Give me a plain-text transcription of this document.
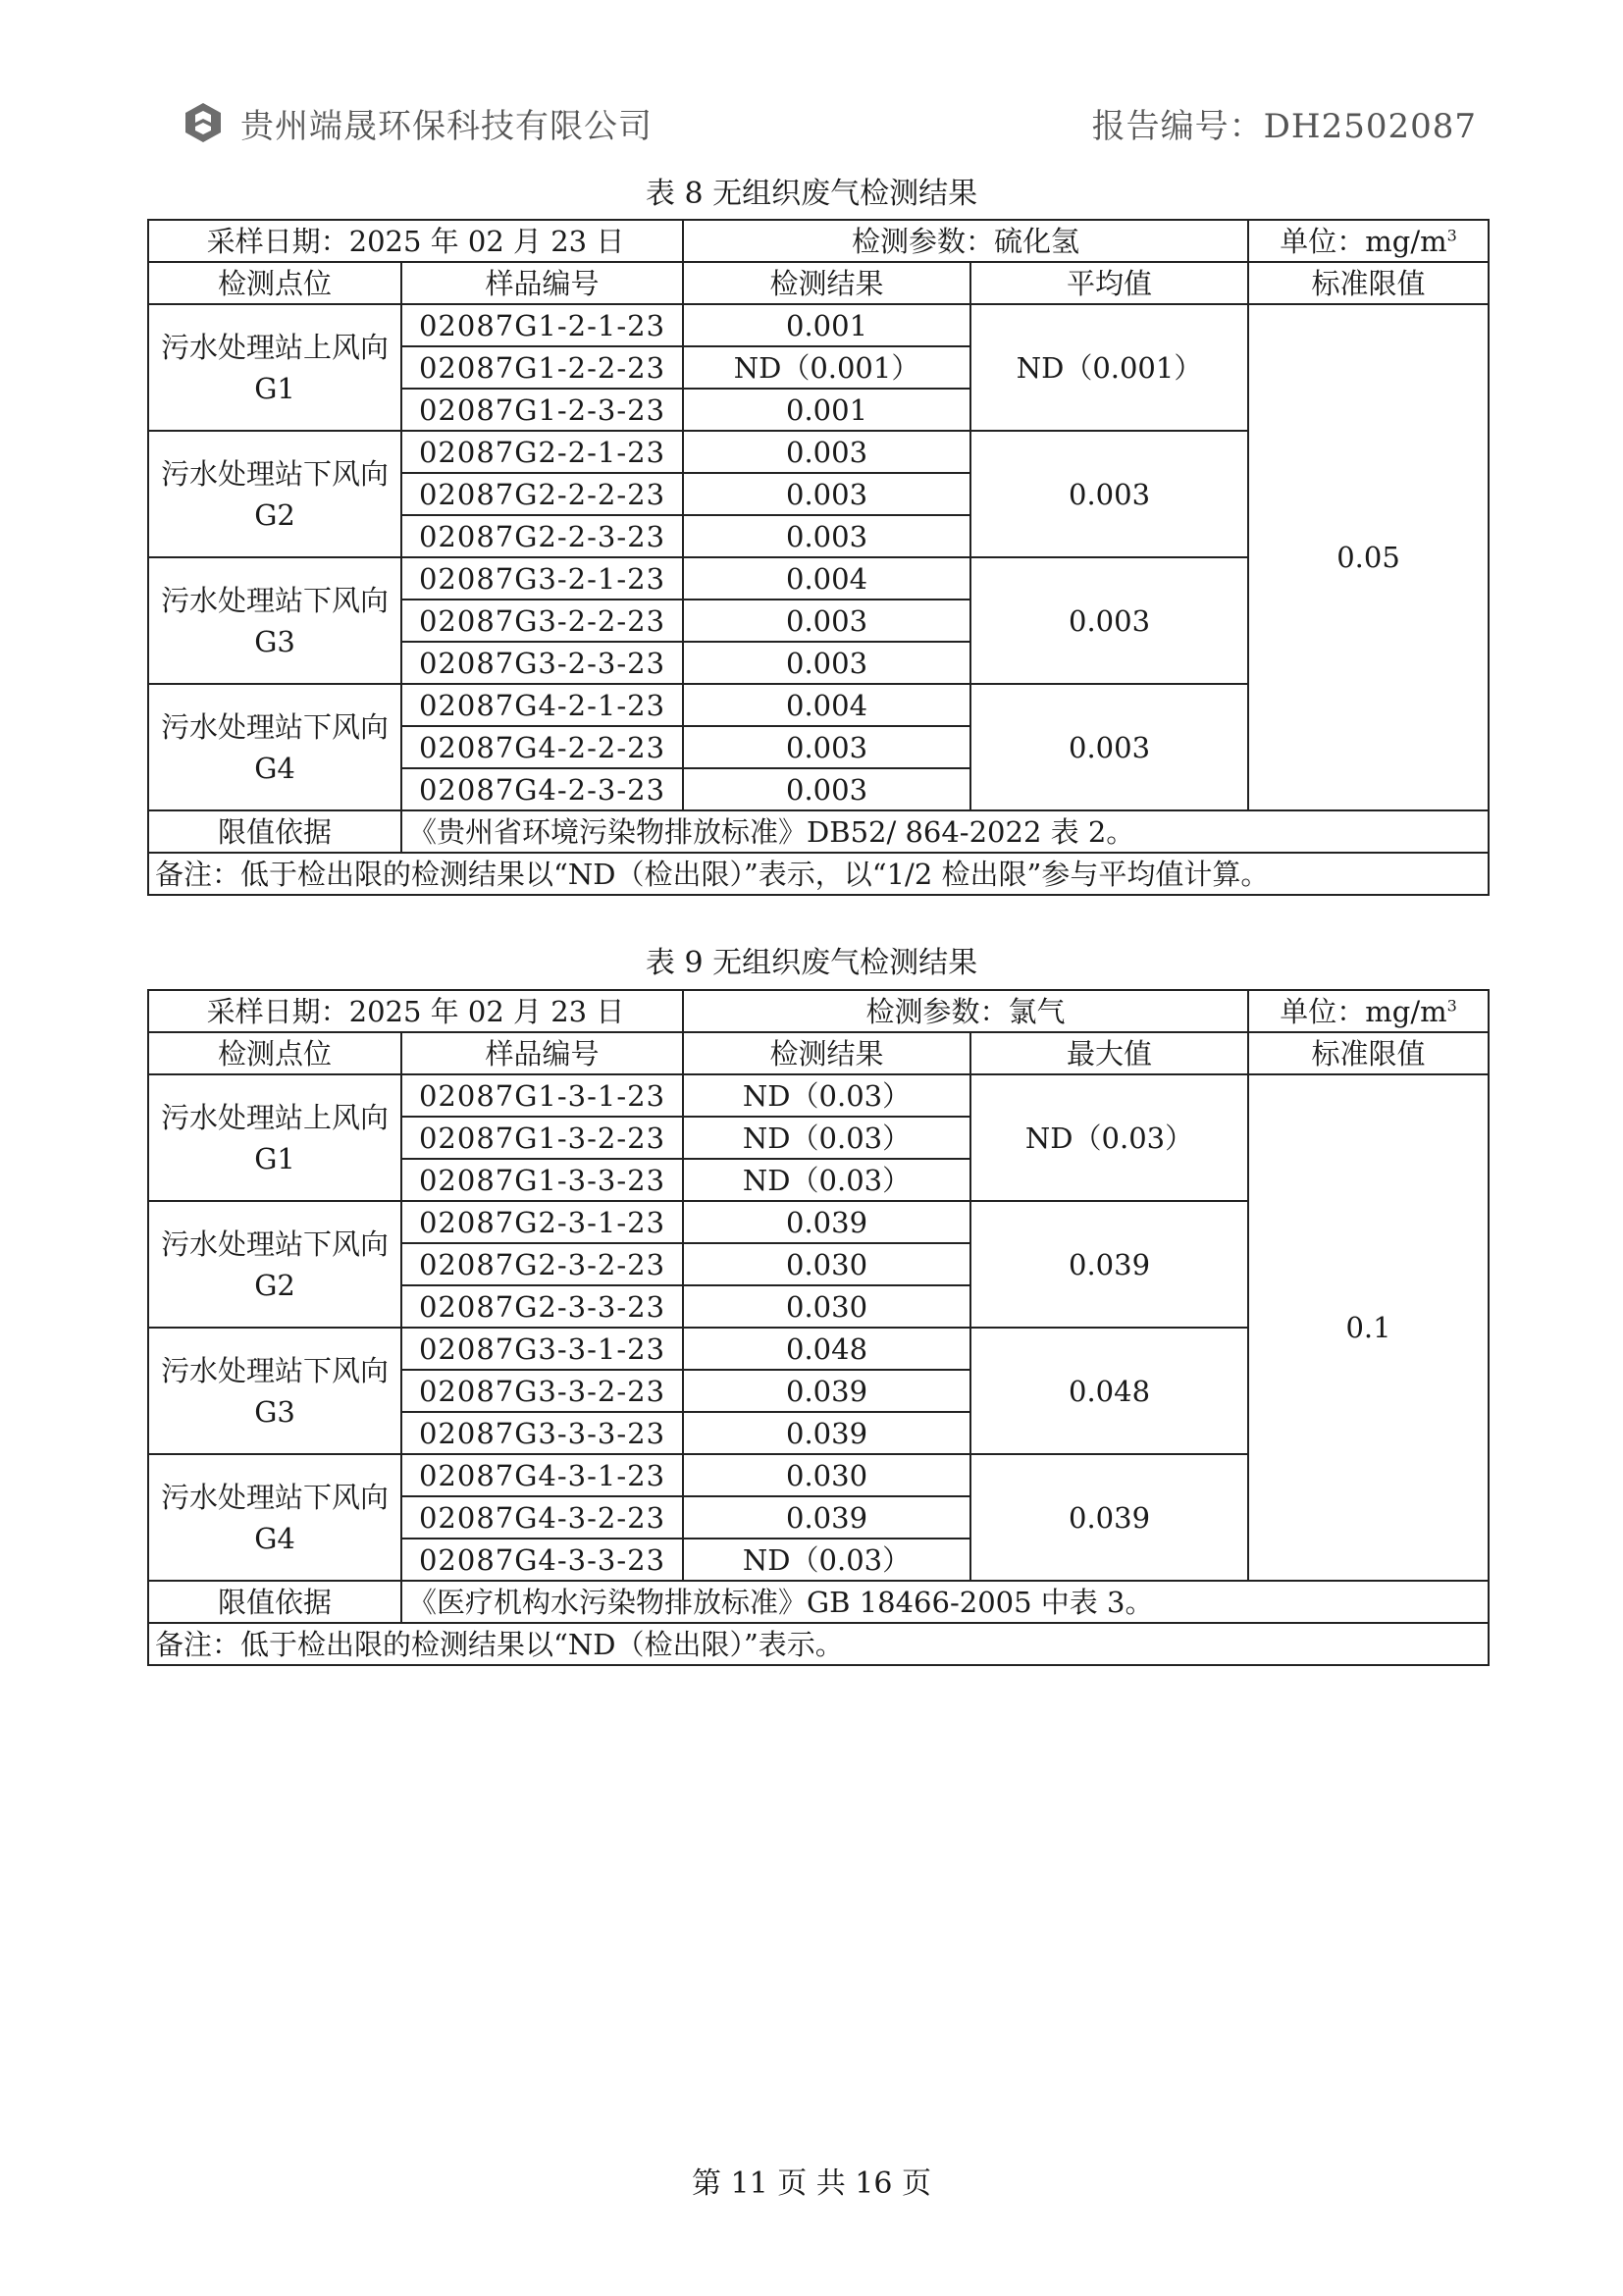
贵州端晟环保科技有限公司	报告编号：DH2502087
表 8 无组织废气检测结果
采样日期：2025 年 02 月 23 日		检测参数：硫化氢		单位：$mg/m^3$
检测点位	样品编号	检测结果	平均值	标准限值
污水处理站上风向 G1	02087G1-2-1-23	0.001	ND（0.001）	0.05
	02087G1-2-2-23	ND（0.001）		
	02087G1-2-3-23	0.001		
污水处理站下风向 G2	02087G2-2-1-23	0.003	0.003	
	02087G2-2-2-23	0.003		
	02087G2-2-3-23	0.003		
污水处理站下风向 G3	02087G3-2-1-23	0.004	0.003	
	02087G3-2-2-23	0.003		
	02087G3-2-3-23	0.003		
污水处理站下风向 G4	02087G4-2-1-23	0.004	0.003	
	02087G4-2-2-23	0.003		
	02087G4-2-3-23	0.003		
限值依据	《贵州省环境污染物排放标准》DB52/ 864-2022 表 2。			
备注：低于检出限的检测结果以“ND（检出限）”表示，以“1/2 检出限”参与平均值计算。				
表 9 无组织废气检测结果
采样日期：2025 年 02 月 23 日		检测参数：氯气		单位：$mg/m^3$
检测点位	样品编号	检测结果	最大值	标准限值
污水处理站上风向 G1	02087G1-3-1-23	ND（0.03）	ND（0.03）	0.1
	02087G1-3-2-23	ND（0.03）		
	02087G1-3-3-23	ND（0.03）		
污水处理站下风向 G2	02087G2-3-1-23	0.039	0.039	
	02087G2-3-2-23	0.030		
	02087G2-3-3-23	0.030		
污水处理站下风向 G3	02087G3-3-1-23	0.048	0.048	
	02087G3-3-2-23	0.039		
	02087G3-3-3-23	0.039		
污水处理站下风向 G4	02087G4-3-1-23	0.030	0.039	
	02087G4-3-2-23	0.039		
	02087G4-3-3-23	ND（0.03）		
限值依据	《医疗机构水污染物排放标准》GB 18466-2005 中表 3。			
备注：低于检出限的检测结果以“ND（检出限）”表示。				
第 11 页 共 16 页
